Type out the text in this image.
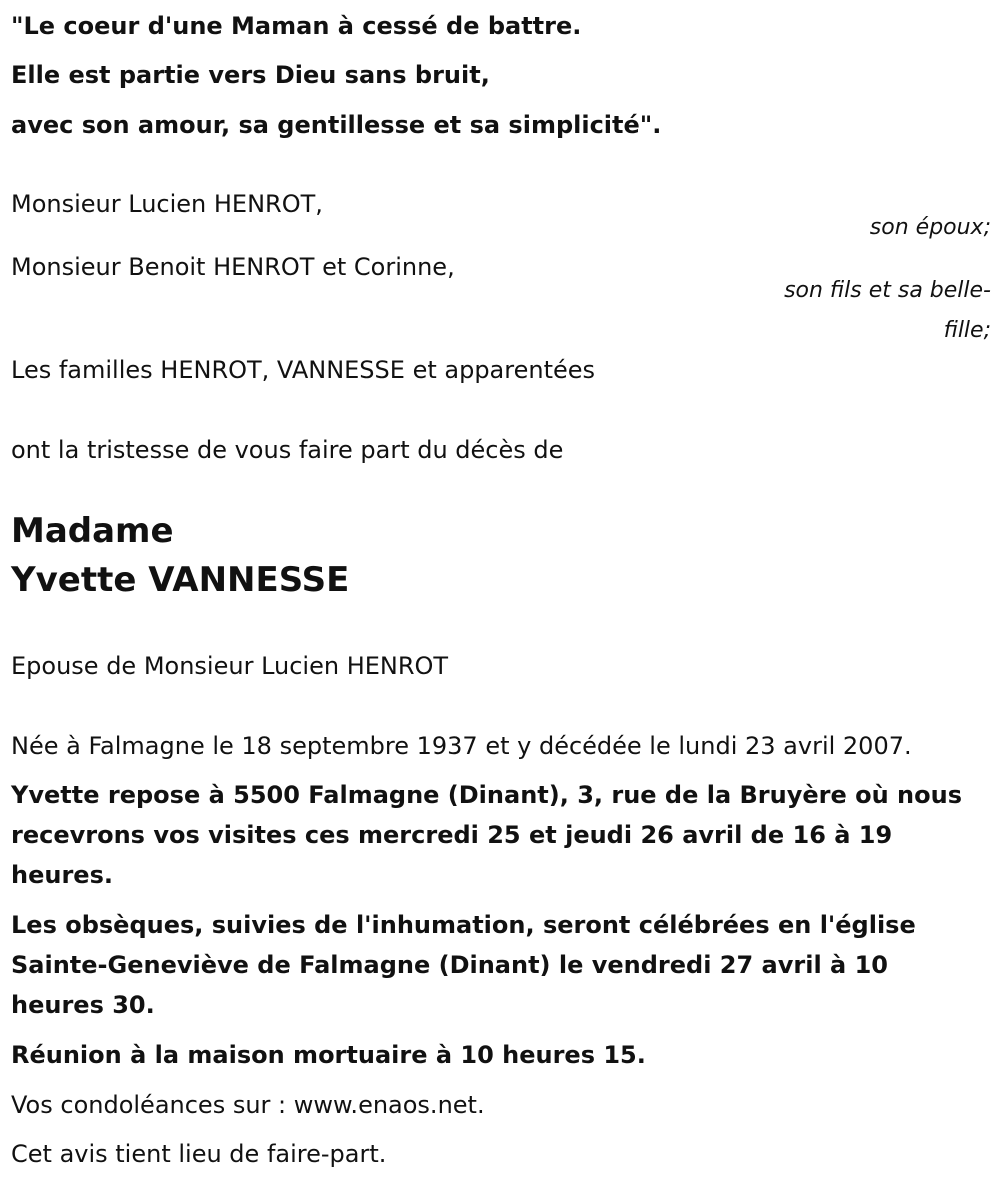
"Le coeur d'une Maman à cessé de battre.

Elle est partie vers Dieu sans bruit,

avec son amour, sa gentillesse et sa simplicité".

Monsieur Lucien HENROT,

son époux;

Monsieur Benoit HENROT et Corinne,

son fils et sa belle-

fille;

Les familles HENROT, VANNESSE et apparentées

ont la tristesse de vous faire part du décès de

Madame

Yvette VANNESSE

Epouse de Monsieur Lucien HENROT

Née à Falmagne le 18 septembre 1937 et y décédée le lundi 23 avril 2007.

Yvette repose à 5500 Falmagne (Dinant), 3, rue de la Bruyère où nous recevrons vos visites ces mercredi 25 et jeudi 26 avril de 16 à 19 heures.

Les obsèques, suivies de l'inhumation, seront célébrées en l'église Sainte-Geneviève de Falmagne (Dinant) le vendredi 27 avril à 10 heures 30.

Réunion à la maison mortuaire à 10 heures 15.

Vos condoléances sur : www.enaos.net.

Cet avis tient lieu de faire-part.
